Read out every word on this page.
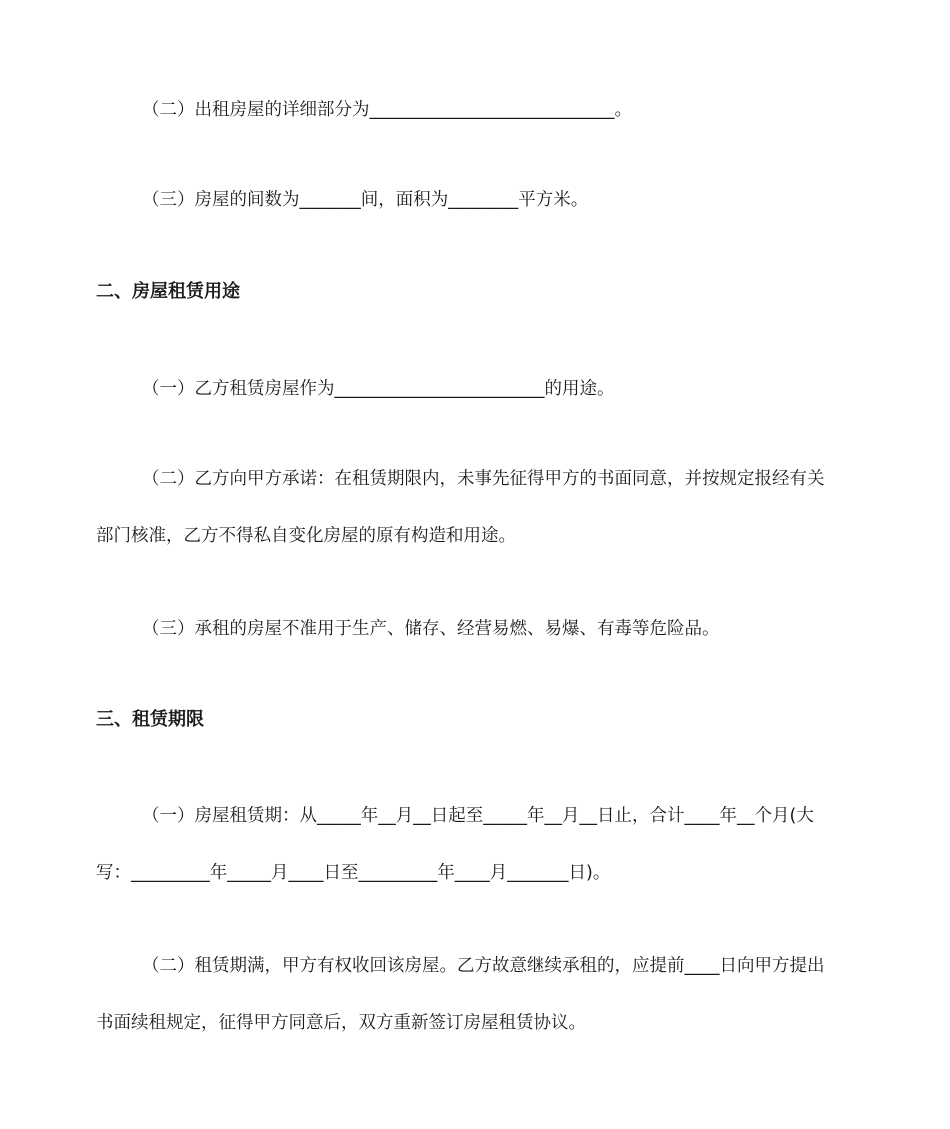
（二）出租房屋的详细部分为____________________________。
（三）房屋的间数为_______间，面积为________平方米。
二、房屋租赁用途
（一）乙方租赁房屋作为________________________的用途。
（二）乙方向甲方承诺：在租赁期限内，未事先征得甲方的书面同意，并按规定报经有关
部门核准，乙方不得私自变化房屋的原有构造和用途。
（三）承租的房屋不准用于生产、储存、经营易燃、易爆、有毒等危险品。
三、租赁期限
（一）房屋租赁期：从_____年__月__日起至_____年__月__日止，合计____年__个月(大
写：_________年_____月____日至_________年____月_______日)。
（二）租赁期满，甲方有权收回该房屋。乙方故意继续承租的，应提前____日向甲方提出
书面续租规定，征得甲方同意后，双方重新签订房屋租赁协议。
